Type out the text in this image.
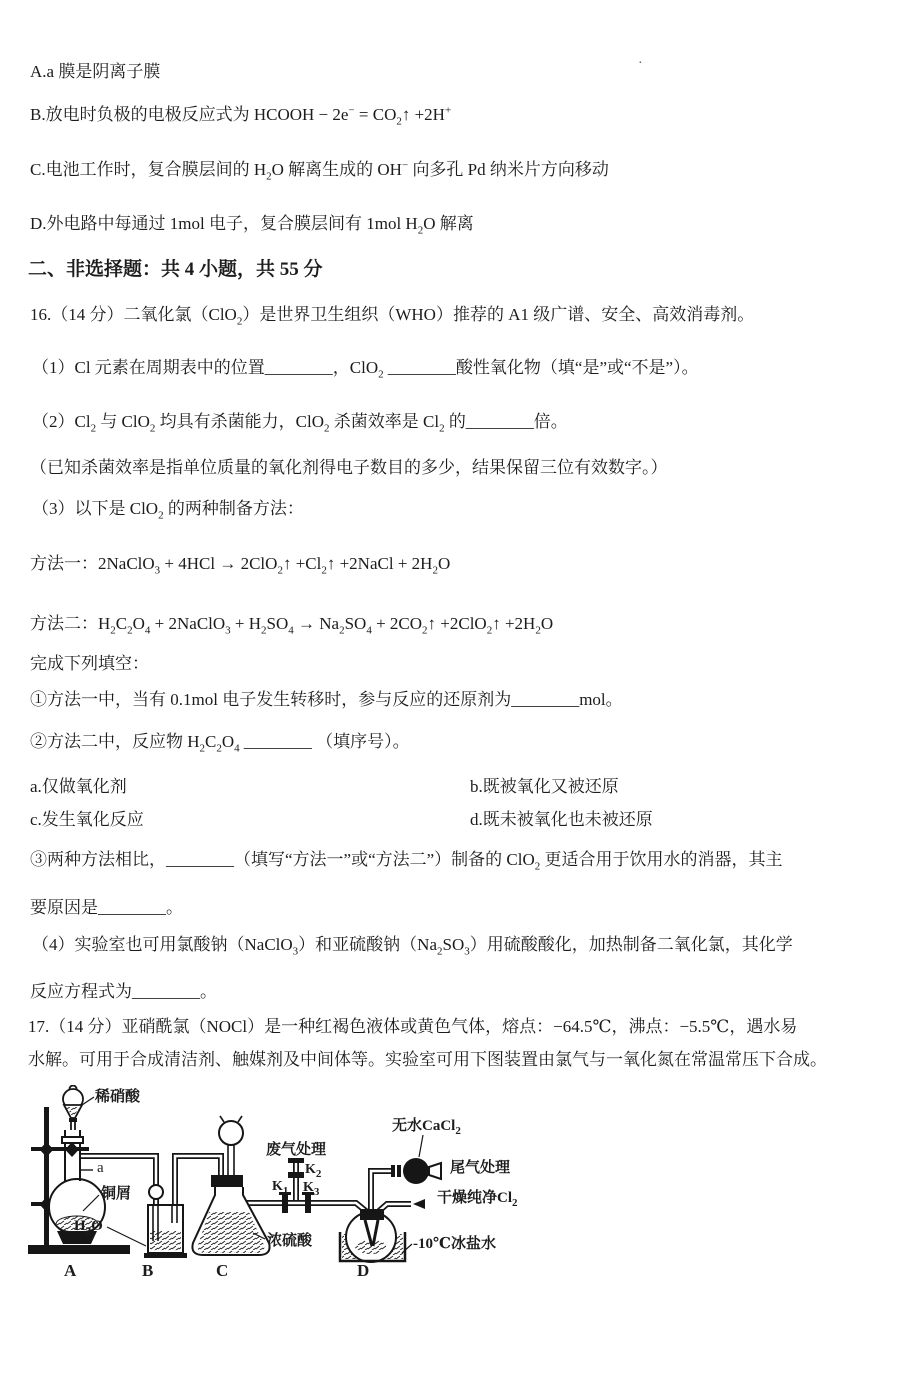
A.a 膜是阴离子膜
B.放电时负极的电极反应式为 HCOOH − $2e^- = CO_2↑ +2H^+$
C.电池工作时，复合膜层间的 $H_2O$ 解离生成的 OH− 向多孔 Pd 纳米片方向移动
D.外电路中每通过 1mol 电子，复合膜层间有 1mol $H_2O$ 解离
·
二、非选择题：共 4 小题，共 55 分
16.（14 分）二氧化氯（ClO$_2$）是世界卫生组织（WHO）推荐的 A1 级广谱、安全、高效消毒剂。
（1）Cl 元素在周期表中的位置________，ClO$_2$ ________酸性氧化物（填“是”或“不是”）。
$(2)Cl_2$ 与 ClO$_2$ 均具有杀菌能力，ClO$_2$ 杀菌效率是 $Cl_2$ 的________倍。
（已知杀菌效率是指单位质量的氧化剂得电子数目的多少，结果保留三位有效数字。）
（3）以下是 ClO$_2$ 的两种制备方法：
方法一：2NaClO$_3$ + 4HCl → 2ClO$_2$↑ $+Cl_2↑$ +2NaCl + $2H_2O$
方法二：$H_2C_2O_4$ + 2NaClO$_3$ + $H_2SO_4 \to Na_2SO_4$ + $2CO_2↑$ +2ClO$_2$↑ $+2H_2O$
完成下列填空：
①方法一中，当有 0.1mol 电子发生转移时，参与反应的还原剂为________mol。
②方法二中，反应物 $H_2C_2O_4$ ________ （填序号）。
a.仅做氧化剂	b.既被氧化又被还原
c.发生氧化反应	d.既未被氧化也未被还原
③两种方法相比，________（填写“方法一”或“方法二”）制备的 ClO$_2$ 更适合用于饮用水的消器，其主
要原因是________。
（4）实验室也可用氯酸钠（NaClO$_3$）和亚硫酸钠$(Na_2SO_3)$用硫酸酸化，加热制备二氧化氯，其化学
反应方程式为________。
17.（14 分）亚硝酰氯（NOCl）是一种红褐色液体或黄色气体，熔点：−64.5℃，沸点：−5.5℃，遇水易
水解。可用于合成清洁剂、触媒剂及中间体等。实验室可用下图装置由氯气与一氧化氮在常温常压下合成。
稀硝酸
a
铜屑
$H_2O$
浓硫酸
废气处理
$K_1$
$K_2$
$K_3$
无水CaCl$_2$
尾气处理
干燥纯净$Cl_2$
-10℃冰盐水
A	B	C	D
